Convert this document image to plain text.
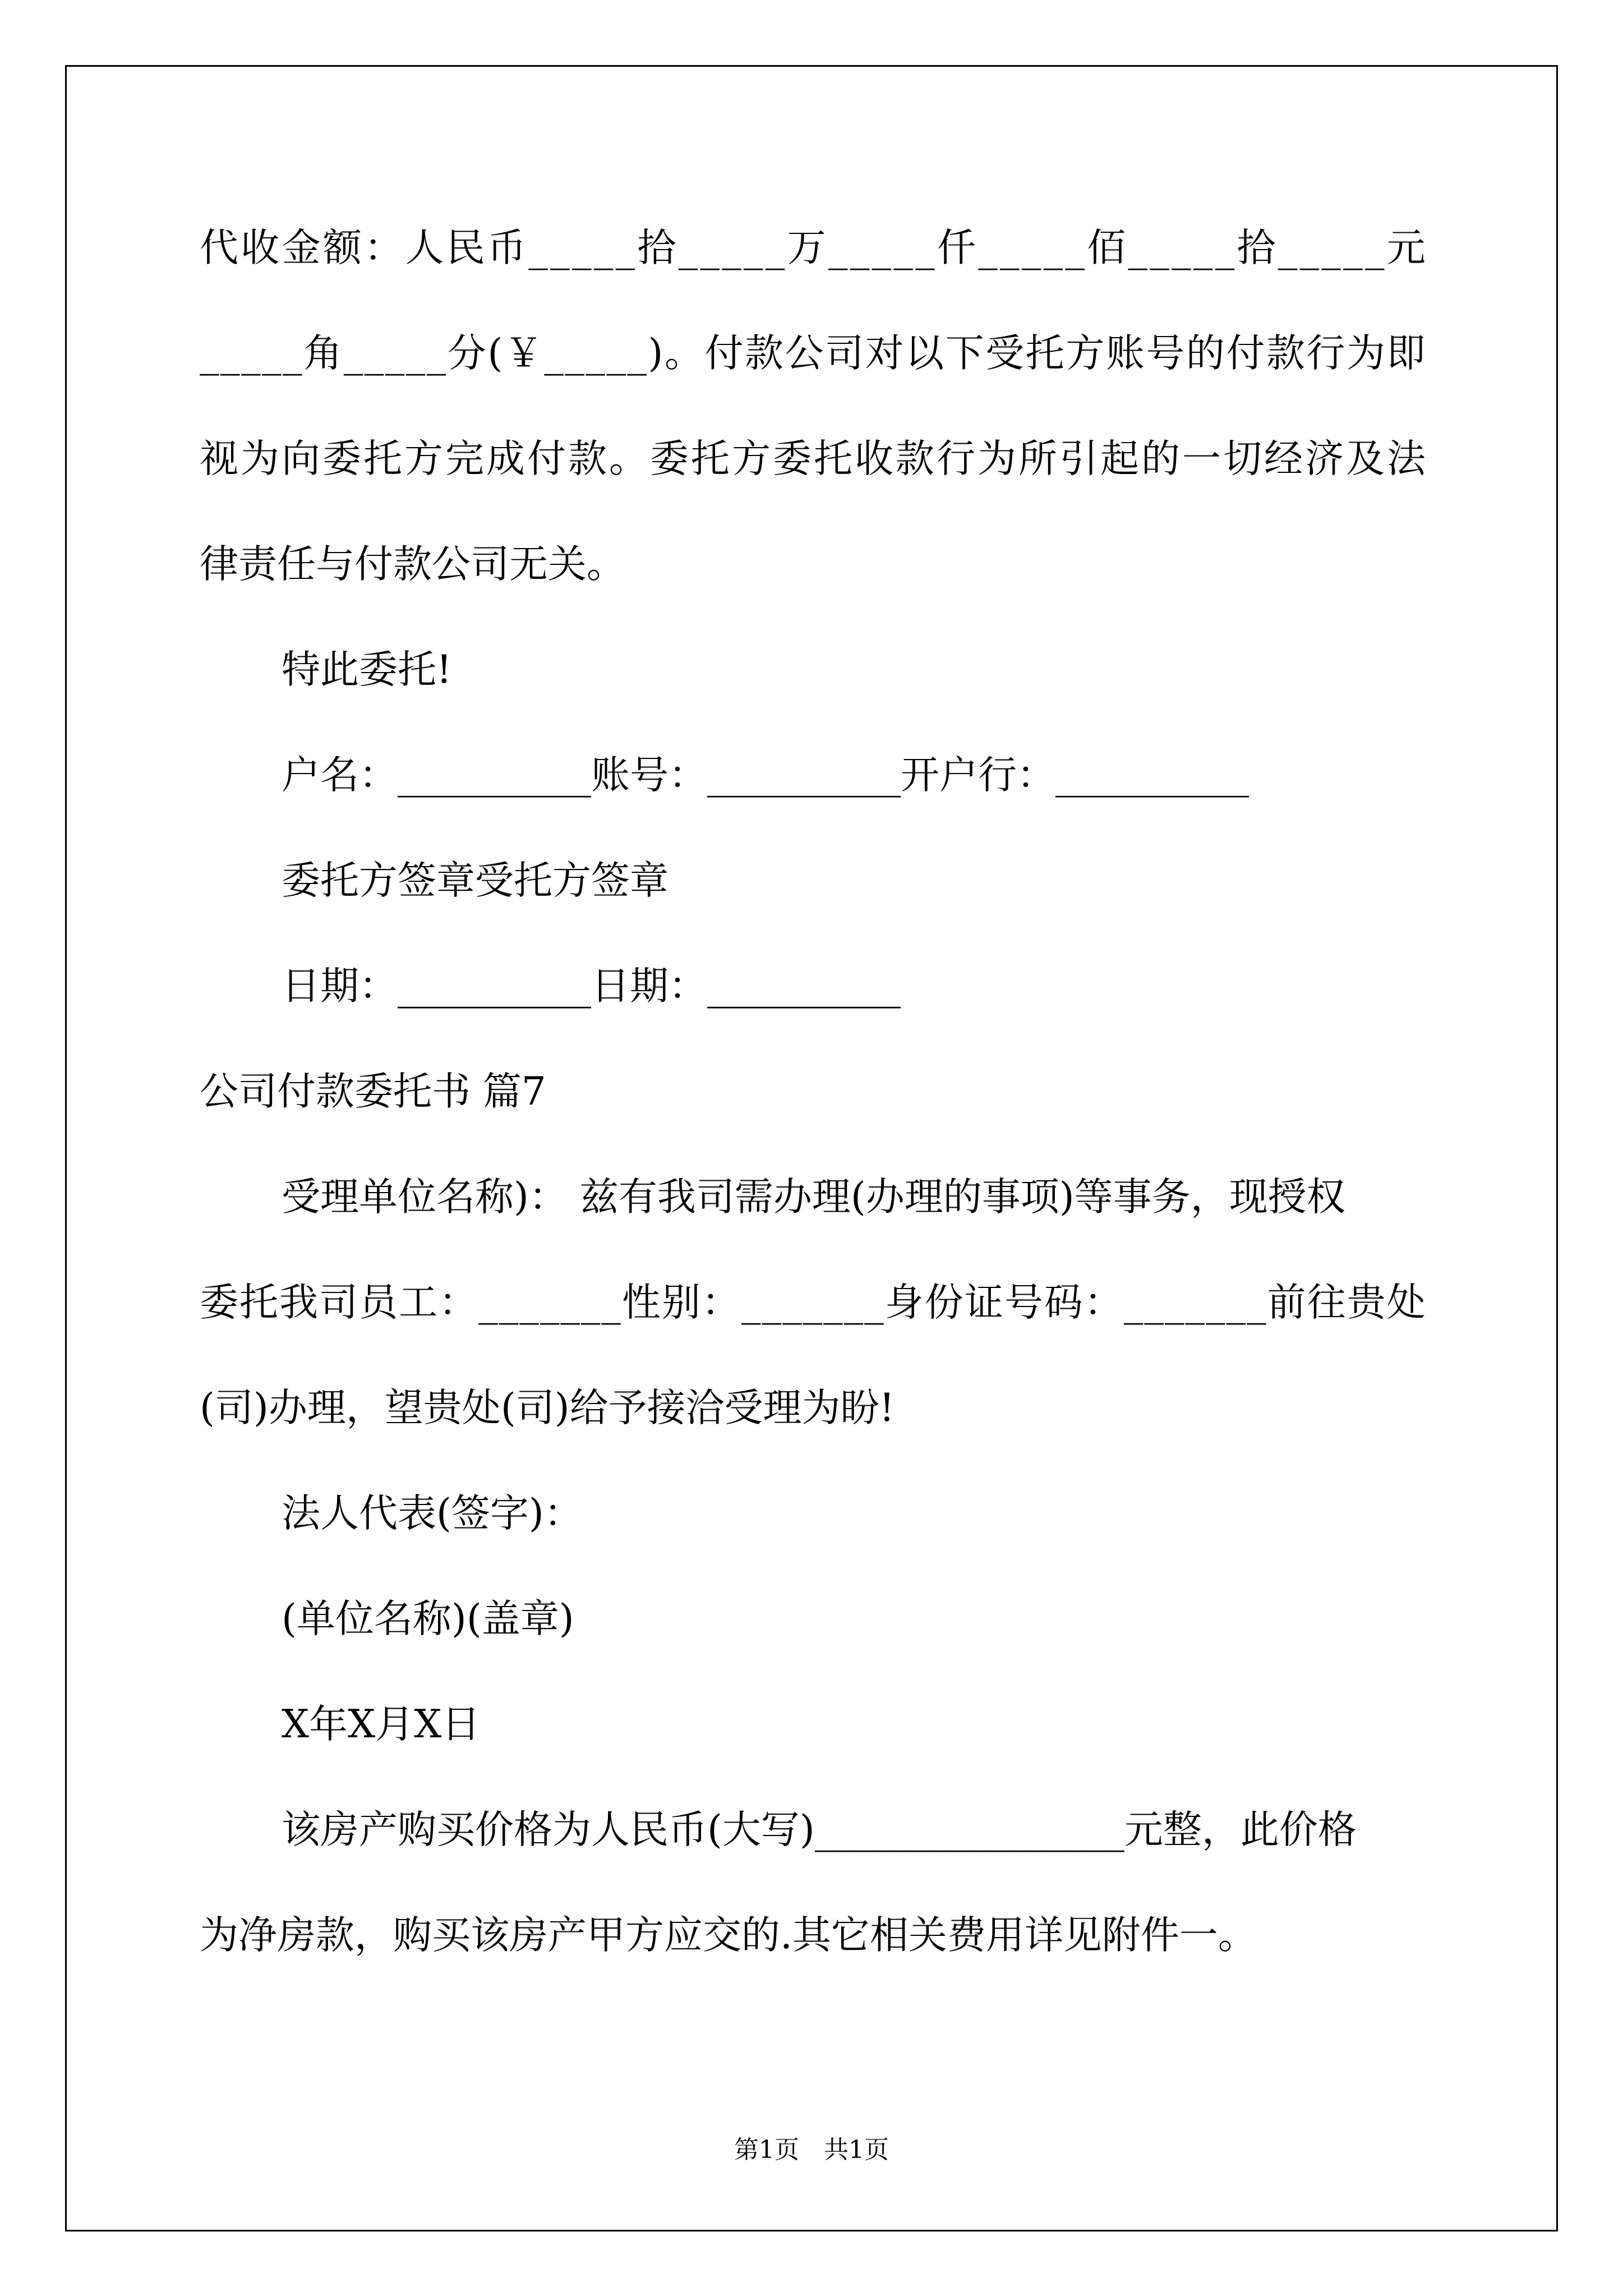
代 收 金 额 ： 人 民 币 _ _ _ _ _ 拾 _ _ _ _ _ 万 _ _ _ _ _ 仟 _ _ _ _ _ 佰 _ _ _ _ _ 拾 _ _ _ _ _ 元
_ _ _ _ _ 角 _ _ _ _ _ 分 ( ￥ _ _ _ _ _ ) 。 付 款 公 司 对 以 下 受 托 方 账 号 的 付 款 行 为 即
视 为 向 委 托 方 完 成 付 款 。 委 托 方 委 托 收 款 行 为 所 引 起 的 一 切 经 济 及 法
律责任与付款公司无关。
特此委托!
户名：__________账号：__________开户行：__________
委托方签章受托方签章
日期：__________日期：__________
公司付款委托书 篇7
受理单位名称)： 兹有我司需办理(办理的事项)等事务，现授权
委 托 我 司 员 工 ： _ _ _ _ _ _ _ 性 别 ： _ _ _ _ _ _ _ 身 份 证 号 码 ： _ _ _ _ _ _ _ 前 往 贵 处
(司)办理，望贵处(司)给予接洽受理为盼!
法人代表(签字)：
(单位名称)(盖章)
X年X月X日
该房产购买价格为人民币(大写)________________元整，此价格
为净房款，购买该房产甲方应交的.其它相关费用详见附件一。
第1页　共1页
